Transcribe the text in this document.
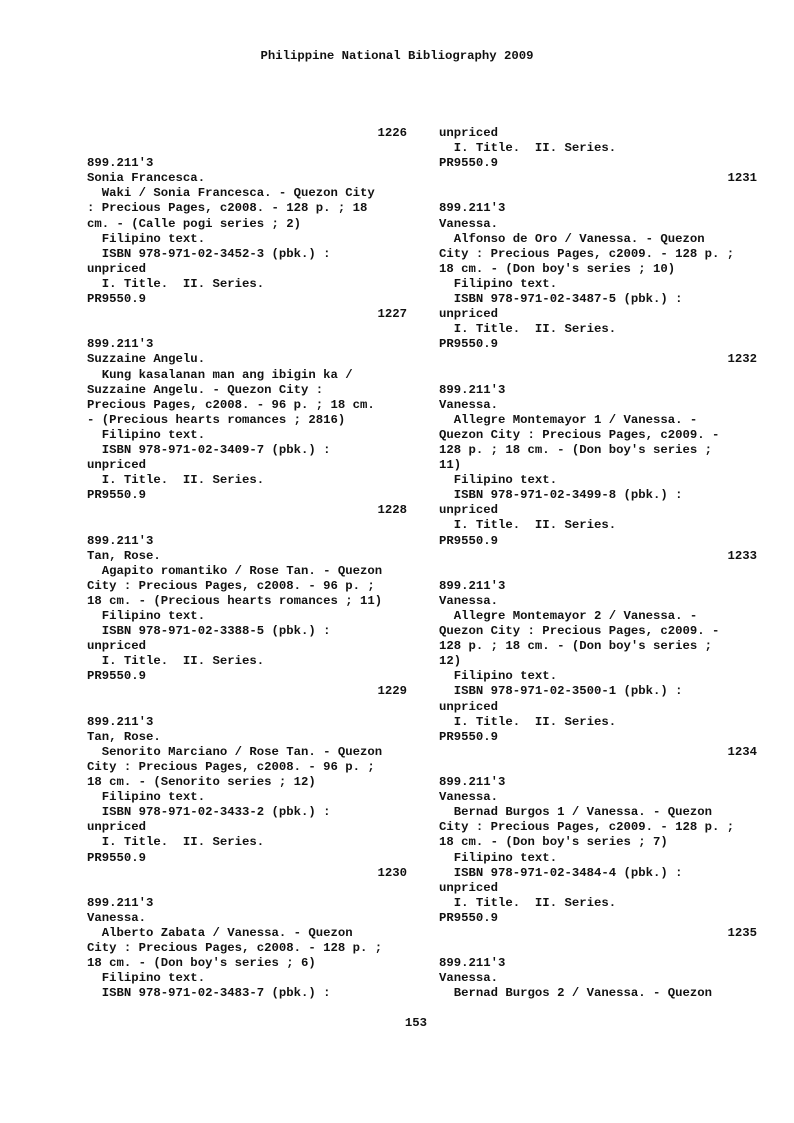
Philippine National Bibliography 2009
1226
899.211'3
Sonia Francesca.
Waki / Sonia Francesca. - Quezon City
: Precious Pages, c2008. - 128 p. ; 18
cm. - (Calle pogi series ; 2)
Filipino text.
ISBN 978-971-02-3452-3 (pbk.) :
unpriced
I. Title.  II. Series.
PR9550.9
1227
899.211'3
Suzzaine Angelu.
Kung kasalanan man ang ibigin ka /
Suzzaine Angelu. - Quezon City :
Precious Pages, c2008. - 96 p. ; 18 cm.
- (Precious hearts romances ; 2816)
Filipino text.
ISBN 978-971-02-3409-7 (pbk.) :
unpriced
I. Title.  II. Series.
PR9550.9
1228
899.211'3
Tan, Rose.
Agapito romantiko / Rose Tan. - Quezon
City : Precious Pages, c2008. - 96 p. ;
18 cm. - (Precious hearts romances ; 11)
Filipino text.
ISBN 978-971-02-3388-5 (pbk.) :
unpriced
I. Title.  II. Series.
PR9550.9
1229
899.211'3
Tan, Rose.
Senorito Marciano / Rose Tan. - Quezon
City : Precious Pages, c2008. - 96 p. ;
18 cm. - (Senorito series ; 12)
Filipino text.
ISBN 978-971-02-3433-2 (pbk.) :
unpriced
I. Title.  II. Series.
PR9550.9
1230
899.211'3
Vanessa.
Alberto Zabata / Vanessa. - Quezon
City : Precious Pages, c2008. - 128 p. ;
18 cm. - (Don boy's series ; 6)
Filipino text.
ISBN 978-971-02-3483-7 (pbk.) :
unpriced
I. Title.  II. Series.
PR9550.9
1231
899.211'3
Vanessa.
Alfonso de Oro / Vanessa. - Quezon
City : Precious Pages, c2009. - 128 p. ;
18 cm. - (Don boy's series ; 10)
Filipino text.
ISBN 978-971-02-3487-5 (pbk.) :
unpriced
I. Title.  II. Series.
PR9550.9
1232
899.211'3
Vanessa.
Allegre Montemayor 1 / Vanessa. -
Quezon City : Precious Pages, c2009. -
128 p. ; 18 cm. - (Don boy's series ;
11)
Filipino text.
ISBN 978-971-02-3499-8 (pbk.) :
unpriced
I. Title.  II. Series.
PR9550.9
1233
899.211'3
Vanessa.
Allegre Montemayor 2 / Vanessa. -
Quezon City : Precious Pages, c2009. -
128 p. ; 18 cm. - (Don boy's series ;
12)
Filipino text.
ISBN 978-971-02-3500-1 (pbk.) :
unpriced
I. Title.  II. Series.
PR9550.9
1234
899.211'3
Vanessa.
Bernad Burgos 1 / Vanessa. - Quezon
City : Precious Pages, c2009. - 128 p. ;
18 cm. - (Don boy's series ; 7)
Filipino text.
ISBN 978-971-02-3484-4 (pbk.) :
unpriced
I. Title.  II. Series.
PR9550.9
1235
899.211'3
Vanessa.
Bernad Burgos 2 / Vanessa. - Quezon
153
